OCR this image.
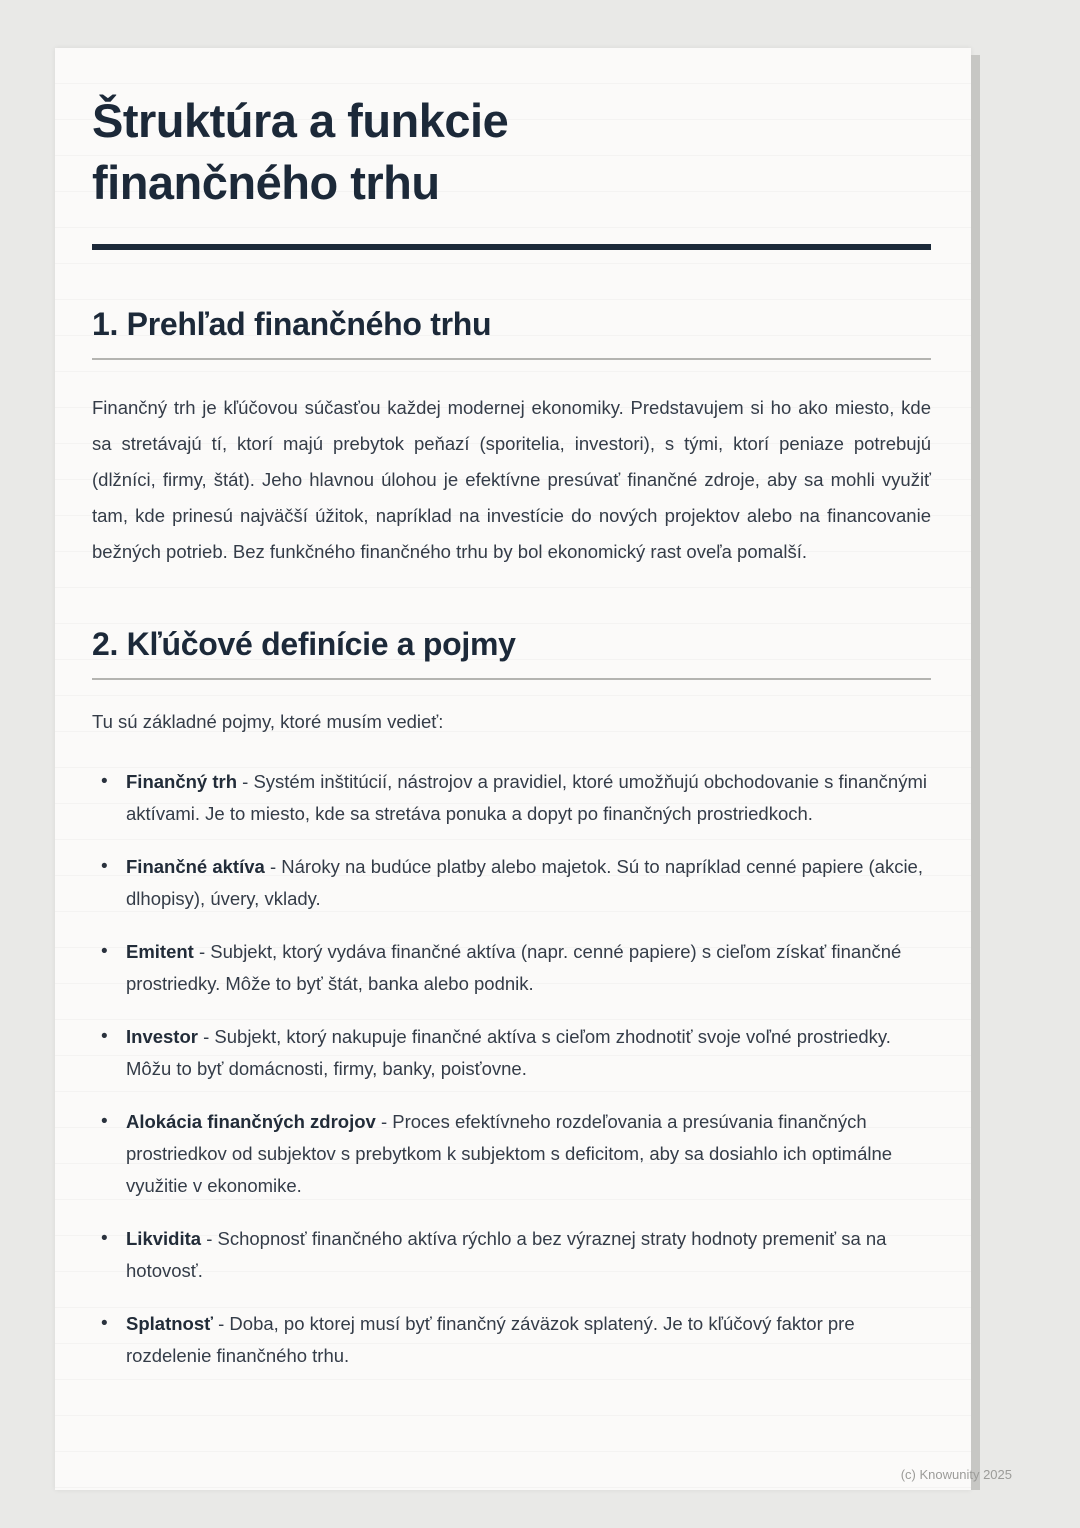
Štruktúra a funkcie finančného trhu
1. Prehľad finančného trhu

Finančný trh je kľúčovou súčasťou každej modernej ekonomiky. Predstavujem si ho ako miesto, kde sa stretávajú tí, ktorí majú prebytok peňazí (sporitelia, investori), s tými, ktorí peniaze potrebujú (dlžníci, firmy, štát). Jeho hlavnou úlohou je efektívne presúvať finančné zdroje, aby sa mohli využiť tam, kde prinesú najväčší úžitok, napríklad na investície do nových projektov alebo na financovanie bežných potrieb. Bez funkčného finančného trhu by bol ekonomický rast oveľa pomalší.

2. Kľúčové definície a pojmy

Tu sú základné pojmy, ktoré musím vedieť:

• Finančný trh - Systém inštitúcií, nástrojov a pravidiel, ktoré umožňujú obchodovanie s finančnými aktívami. Je to miesto, kde sa stretáva ponuka a dopyt po finančných prostriedkoch.
• Finančné aktíva - Nároky na budúce platby alebo majetok. Sú to napríklad cenné papiere (akcie, dlhopisy), úvery, vklady.
• Emitent - Subjekt, ktorý vydáva finančné aktíva (napr. cenné papiere) s cieľom získať finančné prostriedky. Môže to byť štát, banka alebo podnik.
• Investor - Subjekt, ktorý nakupuje finančné aktíva s cieľom zhodnotiť svoje voľné prostriedky. Môžu to byť domácnosti, firmy, banky, poisťovne.
• Alokácia finančných zdrojov - Proces efektívneho rozdeľovania a presúvania finančných prostriedkov od subjektov s prebytkom k subjektom s deficitom, aby sa dosiahlo ich optimálne využitie v ekonomike.
• Likvidita - Schopnosť finančného aktíva rýchlo a bez výraznej straty hodnoty premeniť sa na hotovosť.
• Splatnosť - Doba, po ktorej musí byť finančný záväzok splatený. Je to kľúčový faktor pre rozdelenie finančného trhu.
(c) Knowunity 2025
